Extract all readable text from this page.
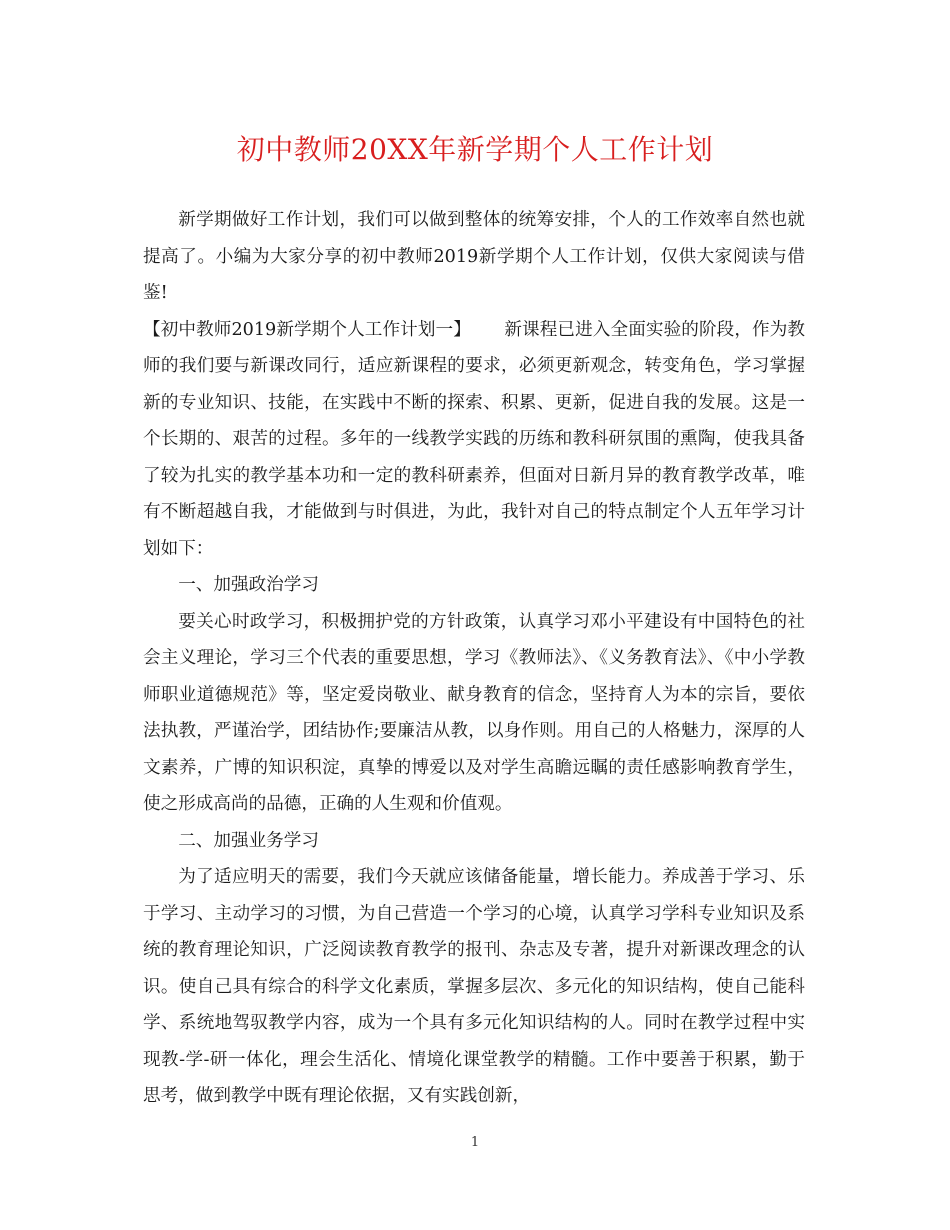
初中教师20XX年新学期个人工作计划

新学期做好工作计划，我们可以做到整体的统筹安排，个人的工作效率自然也就提高了。小编为大家分享的初中教师2019新学期个人工作计划，仅供大家阅读与借鉴!

【初中教师2019新学期个人工作计划一】 新课程已进入全面实验的阶段，作为教师的我们要与新课改同行，适应新课程的要求，必须更新观念，转变角色，学习掌握新的专业知识、技能，在实践中不断的探索、积累、更新，促进自我的发展。这是一个长期的、艰苦的过程。多年的一线教学实践的历练和教科研氛围的熏陶，使我具备了较为扎实的教学基本功和一定的教科研素养，但面对日新月异的教育教学改革，唯有不断超越自我，才能做到与时俱进，为此，我针对自己的特点制定个人五年学习计划如下：

一、加强政治学习

要关心时政学习，积极拥护党的方针政策，认真学习邓小平建设有中国特色的社会主义理论，学习三个代表的重要思想，学习《教师法》、《义务教育法》、《中小学教师职业道德规范》等，坚定爱岗敬业、献身教育的信念，坚持育人为本的宗旨，要依法执教，严谨治学，团结协作;要廉洁从教，以身作则。用自己的人格魅力，深厚的人文素养，广博的知识积淀，真挚的博爱以及对学生高瞻远瞩的责任感影响教育学生，使之形成高尚的品德，正确的人生观和价值观。

二、加强业务学习

为了适应明天的需要，我们今天就应该储备能量，增长能力。养成善于学习、乐于学习、主动学习的习惯，为自己营造一个学习的心境，认真学习学科专业知识及系统的教育理论知识，广泛阅读教育教学的报刊、杂志及专著，提升对新课改理念的认识。使自己具有综合的科学文化素质，掌握多层次、多元化的知识结构，使自己能科学、系统地驾驭教学内容，成为一个具有多元化知识结构的人。同时在教学过程中实现教-学-研一体化，理会生活化、情境化课堂教学的精髓。工作中要善于积累，勤于思考，做到教学中既有理论依据，又有实践创新，

1
